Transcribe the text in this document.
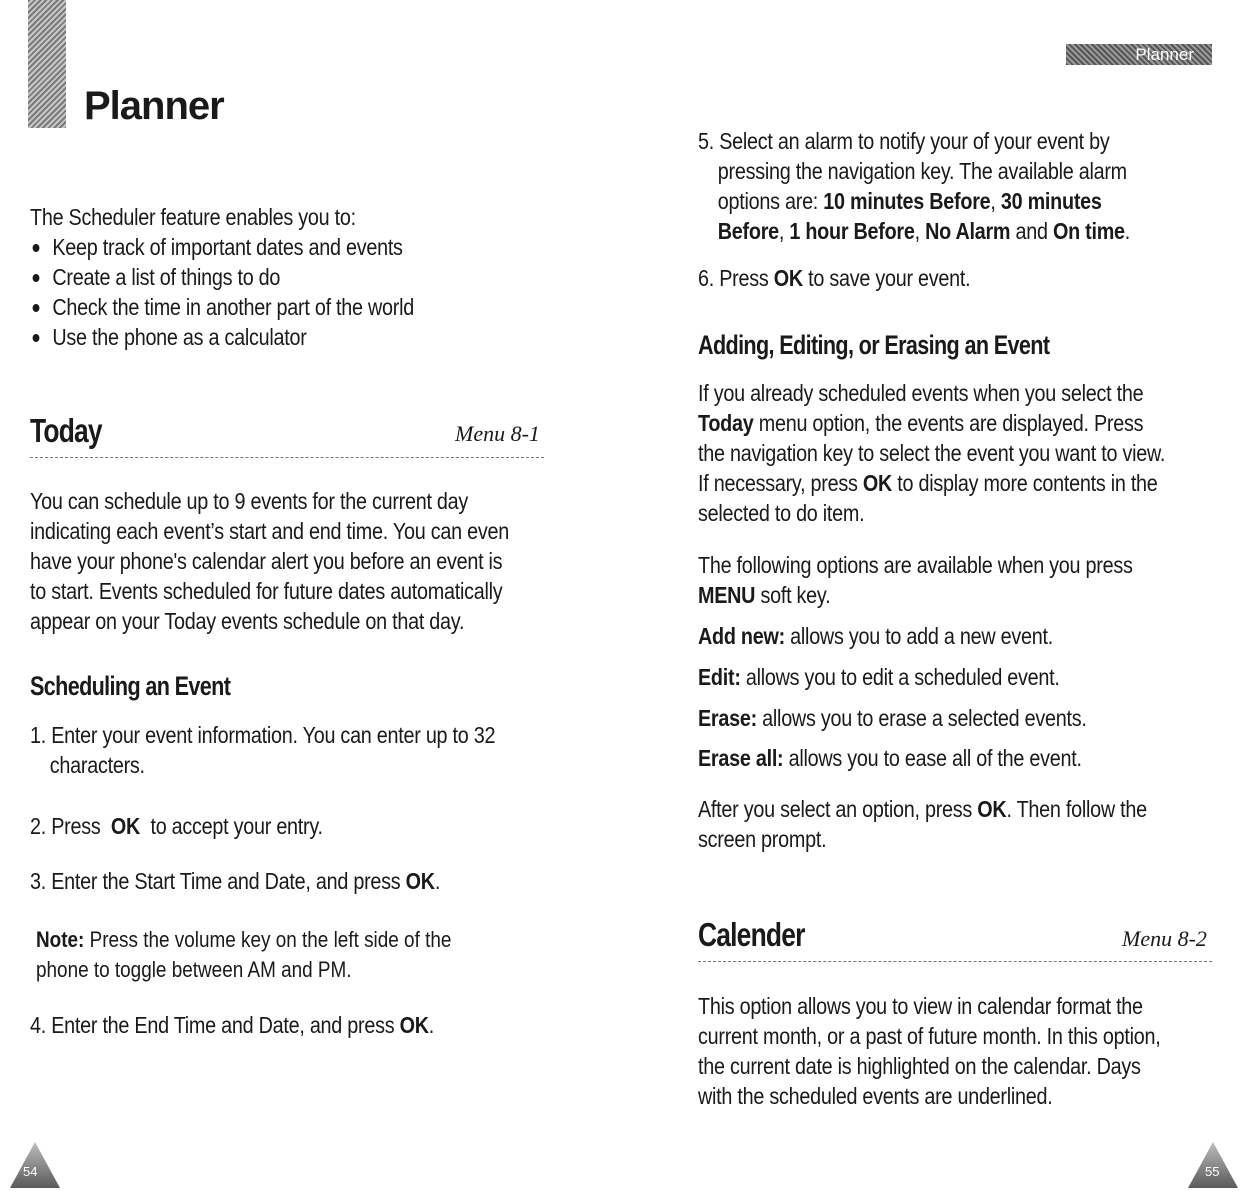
Planner
Planner
The Scheduler feature enables you to:
Keep track of important dates and events
Create a list of things to do
Check the time in another part of the world
Use the phone as a calculator
Today	Menu 8-1
You can schedule up to 9 events for the current day
indicating each event’s start and end time. You can even
have your phone's calendar alert you before an event is
to start. Events scheduled for future dates automatically
appear on your Today events schedule on that day.
Scheduling an Event
1. Enter your event information. You can enter up to 32
characters.
2. Press OK to accept your entry.
3. Enter the Start Time and Date, and press OK.
Note: Press the volume key on the left side of the
phone to toggle between AM and PM.
4. Enter the End Time and Date, and press OK.
5. Select an alarm to notify your of your event by
pressing the navigation key. The available alarm
options are: 10 minutes Before, 30 minutes
Before, 1 hour Before, No Alarm and On time.
6. Press OK to save your event.
Adding, Editing, or Erasing an Event
If you already scheduled events when you select the
Today menu option, the events are displayed. Press
the navigation key to select the event you want to view.
If necessary, press OK to display more contents in the
selected to do item.
The following options are available when you press
MENU soft key.
Add new: allows you to add a new event.
Edit: allows you to edit a scheduled event.
Erase: allows you to erase a selected events.
Erase all: allows you to ease all of the event.
After you select an option, press OK. Then follow the
screen prompt.
Calender	Menu 8-2
This option allows you to view in calendar format the
current month, or a past of future month. In this option,
the current date is highlighted on the calendar. Days
with the scheduled events are underlined.
54	55
